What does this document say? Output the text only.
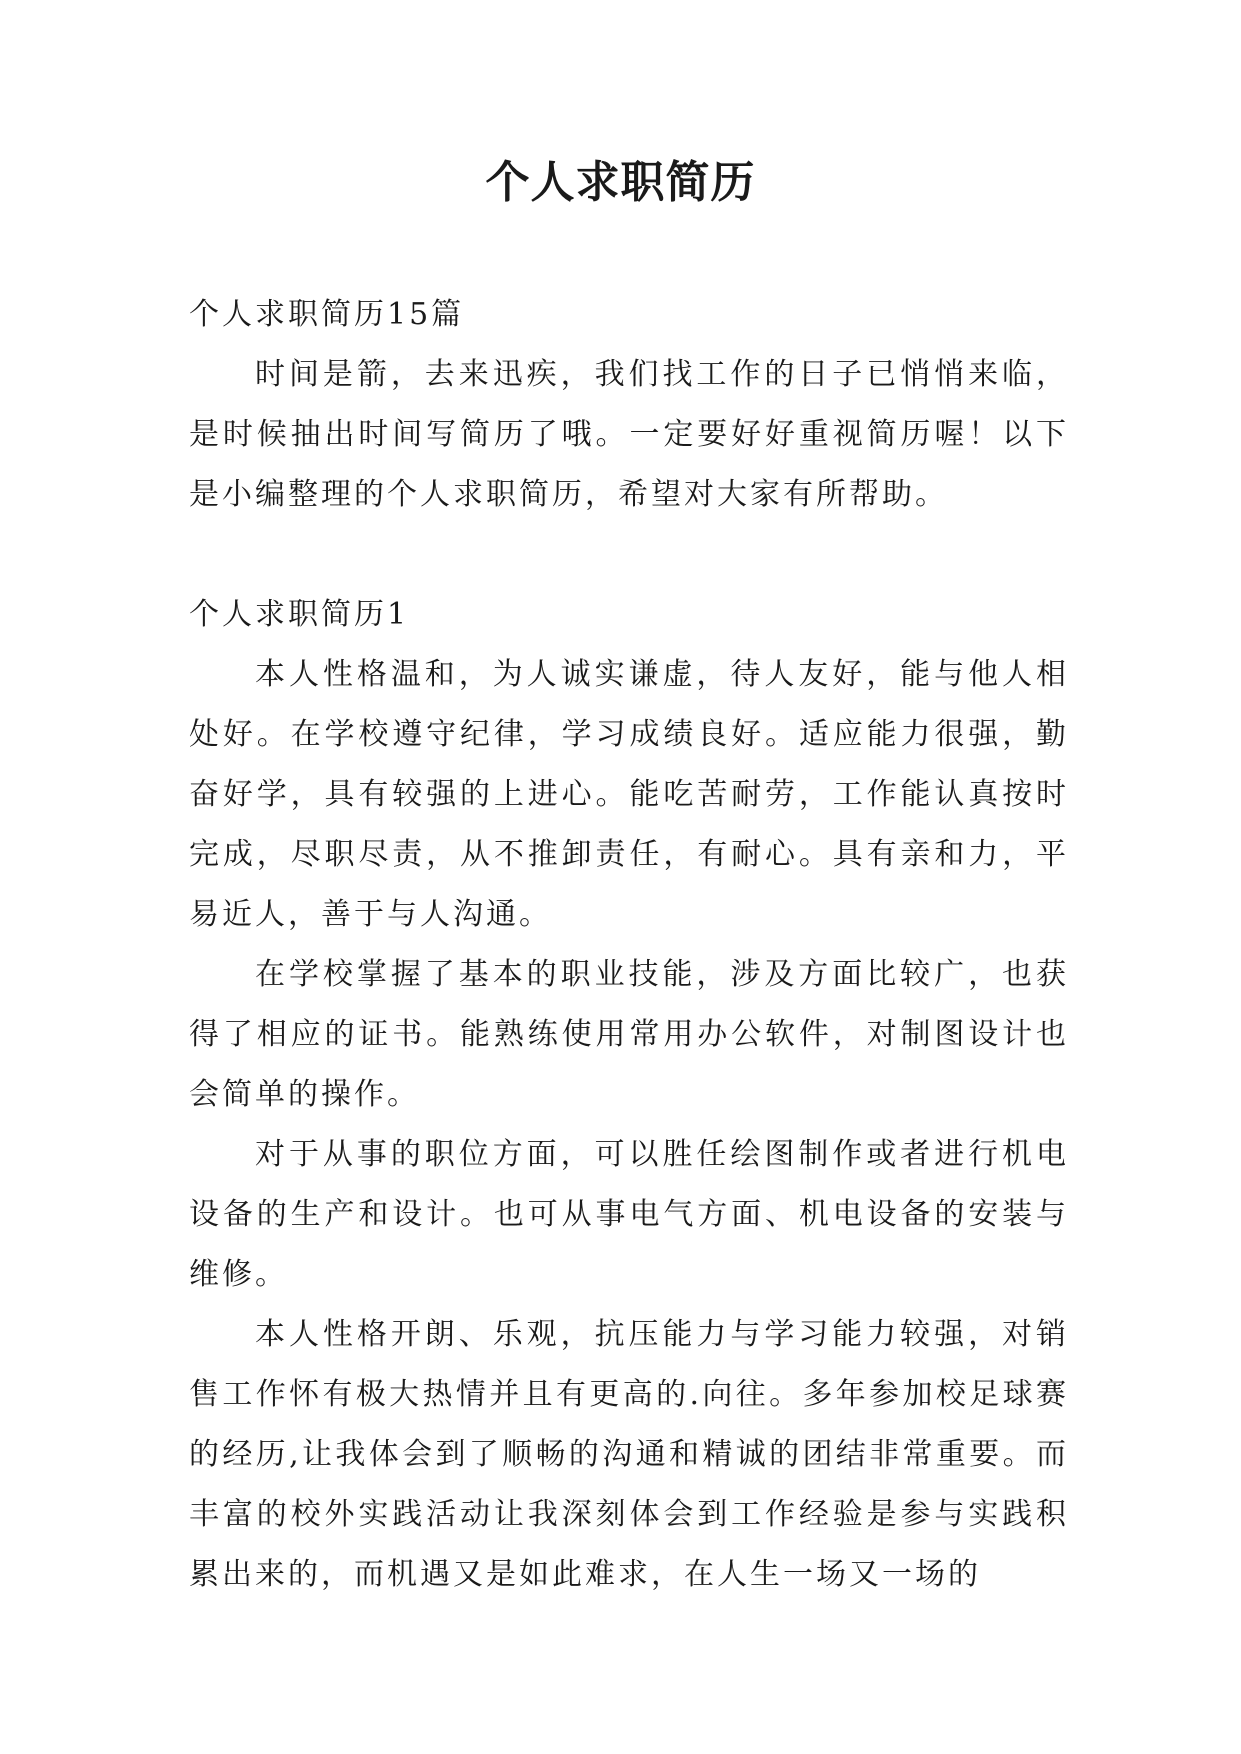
个人求职简历

个人求职简历15篇

时间是箭，去来迅疾，我们找工作的日子已悄悄来临，是时候抽出时间写简历了哦。一定要好好重视简历喔！以下是小编整理的个人求职简历，希望对大家有所帮助。

个人求职简历1

本人性格温和，为人诚实谦虚，待人友好，能与他人相处好。在学校遵守纪律，学习成绩良好。适应能力很强，勤奋好学，具有较强的上进心。能吃苦耐劳，工作能认真按时完成，尽职尽责，从不推卸责任，有耐心。具有亲和力，平易近人，善于与人沟通。

在学校掌握了基本的职业技能，涉及方面比较广，也获得了相应的证书。能熟练使用常用办公软件，对制图设计也会简单的操作。

对于从事的职位方面，可以胜任绘图制作或者进行机电设备的生产和设计。也可从事电气方面、机电设备的安装与维修。

本人性格开朗、乐观，抗压能力与学习能力较强，对销售工作怀有极大热情并且有更高的.向往。多年参加校足球赛的经历,让我体会到了顺畅的沟通和精诚的团结非常重要。而丰富的校外实践活动让我深刻体会到工作经验是参与实践积累出来的，而机遇又是如此难求，在人生一场又一场的
